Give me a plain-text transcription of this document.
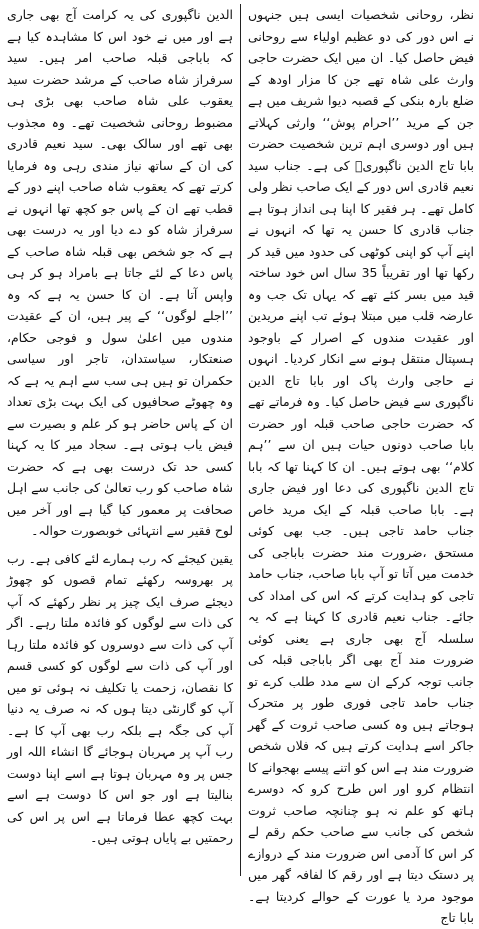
نظر، روحانی شخصیات ایسی ہیں جنہوں نے اس دور کی دو عظیم اولیاء سے روحانی فیض حاصل کیا۔ ان میں ایک حضرت حاجی وارث علی شاہ تھے جن کا مزار اودھ کے ضلع بارہ بنکی کے قصبہ دیوا شریف میں ہے جن کے مرید ’’احرام پوش‘‘ وارثی کہلاتے ہیں اور دوسری اہم ترین شخصیت حضرت بابا تاج الدین ناگپوریؒ کی ہے۔ جناب سید نعیم قادری اس دور کے ایک صاحب نظر ولی کامل تھے۔ ہر فقیر کا اپنا ہی انداز ہوتا ہے جناب قادری کا حسن یہ تھا کہ انہوں نے اپنے آپ کو اپنی کوٹھی کی حدود میں قید کر رکھا تھا اور تقریباً 35 سال اس خود ساختہ قید میں بسر کئے تھے کہ یہاں تک جب وہ عارضہ قلب میں مبتلا ہوئے تب اپنے مریدین اور عقیدت مندوں کے اصرار کے باوجود ہسپتال منتقل ہونے سے انکار کردیا۔ انہوں نے حاجی وارث پاک اور بابا تاج الدین ناگپوری سے فیض حاصل کیا۔ وہ فرماتے تھے کہ حضرت حاجی صاحب قبلہ اور حضرت بابا صاحب دونوں حیات ہیں ان سے ’’ہم کلام‘‘ بھی ہوتے ہیں۔ ان کا کہنا تھا کہ بابا تاج الدین ناگپوری کی دعا اور فیض جاری ہے۔ بابا صاحب قبلہ کے ایک مرید خاص جناب حامد تاجی ہیں۔ جب بھی کوئی مستحق ،ضرورت مند حضرت باباجی کی خدمت میں آتا تو آپ بابا صاحب، جناب حامد تاجی کو ہدایت کرتے کہ اس کی امداد کی جائے۔ جناب نعیم قادری کا کہنا ہے کہ یہ سلسلہ آج بھی جاری ہے یعنی کوئی ضرورت مند آج بھی اگر باباجی قبلہ کی جانب توجہ کرکے ان سے مدد طلب کرے تو جناب حامد تاجی فوری طور پر متحرک ہوجاتے ہیں وہ کسی صاحب ثروت کے گھر جاکر اسے ہدایت کرتے ہیں کہ فلاں شخص ضرورت مند ہے اس کو اتنے پیسے بھجوانے کا انتظام کرو اور اس طرح کرو کہ دوسرے ہاتھ کو علم نہ ہو چنانچہ صاحب ثروت شخص کی جانب سے صاحب حکم رقم لے کر اس کا آدمی اس ضرورت مند کے دروازے پر دستک دیتا ہے اور رقم کا لفافہ گھر میں موجود مرد یا عورت کے حوالے کردیتا ہے۔ بابا تاج

الدین ناگپوری کی یہ کرامت آج بھی جاری ہے اور میں نے خود اس کا مشاہدہ کیا ہے کہ باباجی قبلہ صاحب امر ہیں۔ سید سرفراز شاہ صاحب کے مرشد حضرت سید یعقوب علی شاہ صاحب بھی بڑی ہی مضبوط روحانی شخصیت تھے۔ وہ مجذوب بھی تھے اور سالک بھی۔ سید نعیم قادری کی ان کے ساتھ نیاز مندی رہی وہ فرمایا کرتے تھے کہ یعقوب شاہ صاحب اپنے دور کے قطب تھے ان کے پاس جو کچھ تھا انہوں نے سرفراز شاہ کو دے دیا اور یہ درست بھی ہے کہ جو شخص بھی قبلہ شاہ صاحب کے پاس دعا کے لئے جاتا ہے بامراد ہو کر ہی واپس آتا ہے۔ ان کا حسن یہ ہے کہ وہ ’’اجلے لوگوں‘‘ کے پیر ہیں، ان کے عقیدت مندوں میں اعلیٰ سول و فوجی حکام، صنعتکار، سیاستدان، تاجر اور سیاسی حکمران تو ہیں ہی سب سے اہم یہ ہے کہ وہ چھوٹے صحافیوں کی ایک بہت بڑی تعداد ان کے پاس حاضر ہو کر علم و بصیرت سے فیض یاب ہوتی ہے۔ سجاد میر کا یہ کہنا کسی حد تک درست بھی ہے کہ حضرت شاہ صاحب کو رب تعالیٰ کی جانب سے اہل صحافت پر معمور کیا گیا ہے اور آخر میں لوح فقیر سے انتہائی خوبصورت حوالہ۔

یقین کیجئے کہ رب ہمارے لئے کافی ہے۔ رب پر بھروسہ رکھئے تمام قصوں کو چھوڑ دیجئے صرف ایک چیز پر نظر رکھئے کہ آپ کی ذات سے لوگوں کو فائدہ ملتا رہے۔ اگر آپ کی ذات سے دوسروں کو فائدہ ملتا رہا اور آپ کی ذات سے لوگوں کو کسی قسم کا نقصان، زحمت یا تکلیف نہ ہوئی تو میں آپ کو گارنٹی دیتا ہوں کہ نہ صرف یہ دنیا آپ کی جگہ ہے بلکہ رب بھی آپ کا ہے۔ رب آپ پر مہربان ہوجائے گا انشاء اللہ اور جس پر وہ مہربان ہوتا ہے اسے اپنا دوست بنالیتا ہے اور جو اس کا دوست ہے اسے بہت کچھ عطا فرماتا ہے اس پر اس کی رحمتیں بے پایاں ہوتی ہیں۔
